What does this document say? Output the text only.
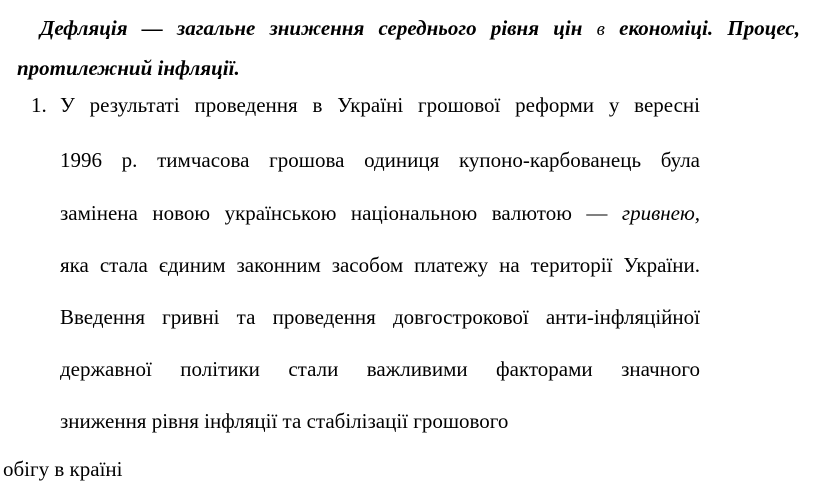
Дефляція — загальне зниження середнього рівня цін в економіці. Процес,
протилежний інфляції.
1. У результаті проведення в Україні грошової реформи у вересні
1996 р. тимчасова грошова одиниця купоно-карбованець була
замінена новою українською національною валютою — гривнею,
яка стала єдиним законним засобом платежу на території України.
Введення гривні та проведення довгострокової анти-інфляційної
державної політики стали важливими факторами значного
зниження рівня інфляції та стабілізації грошового
обігу в країні
